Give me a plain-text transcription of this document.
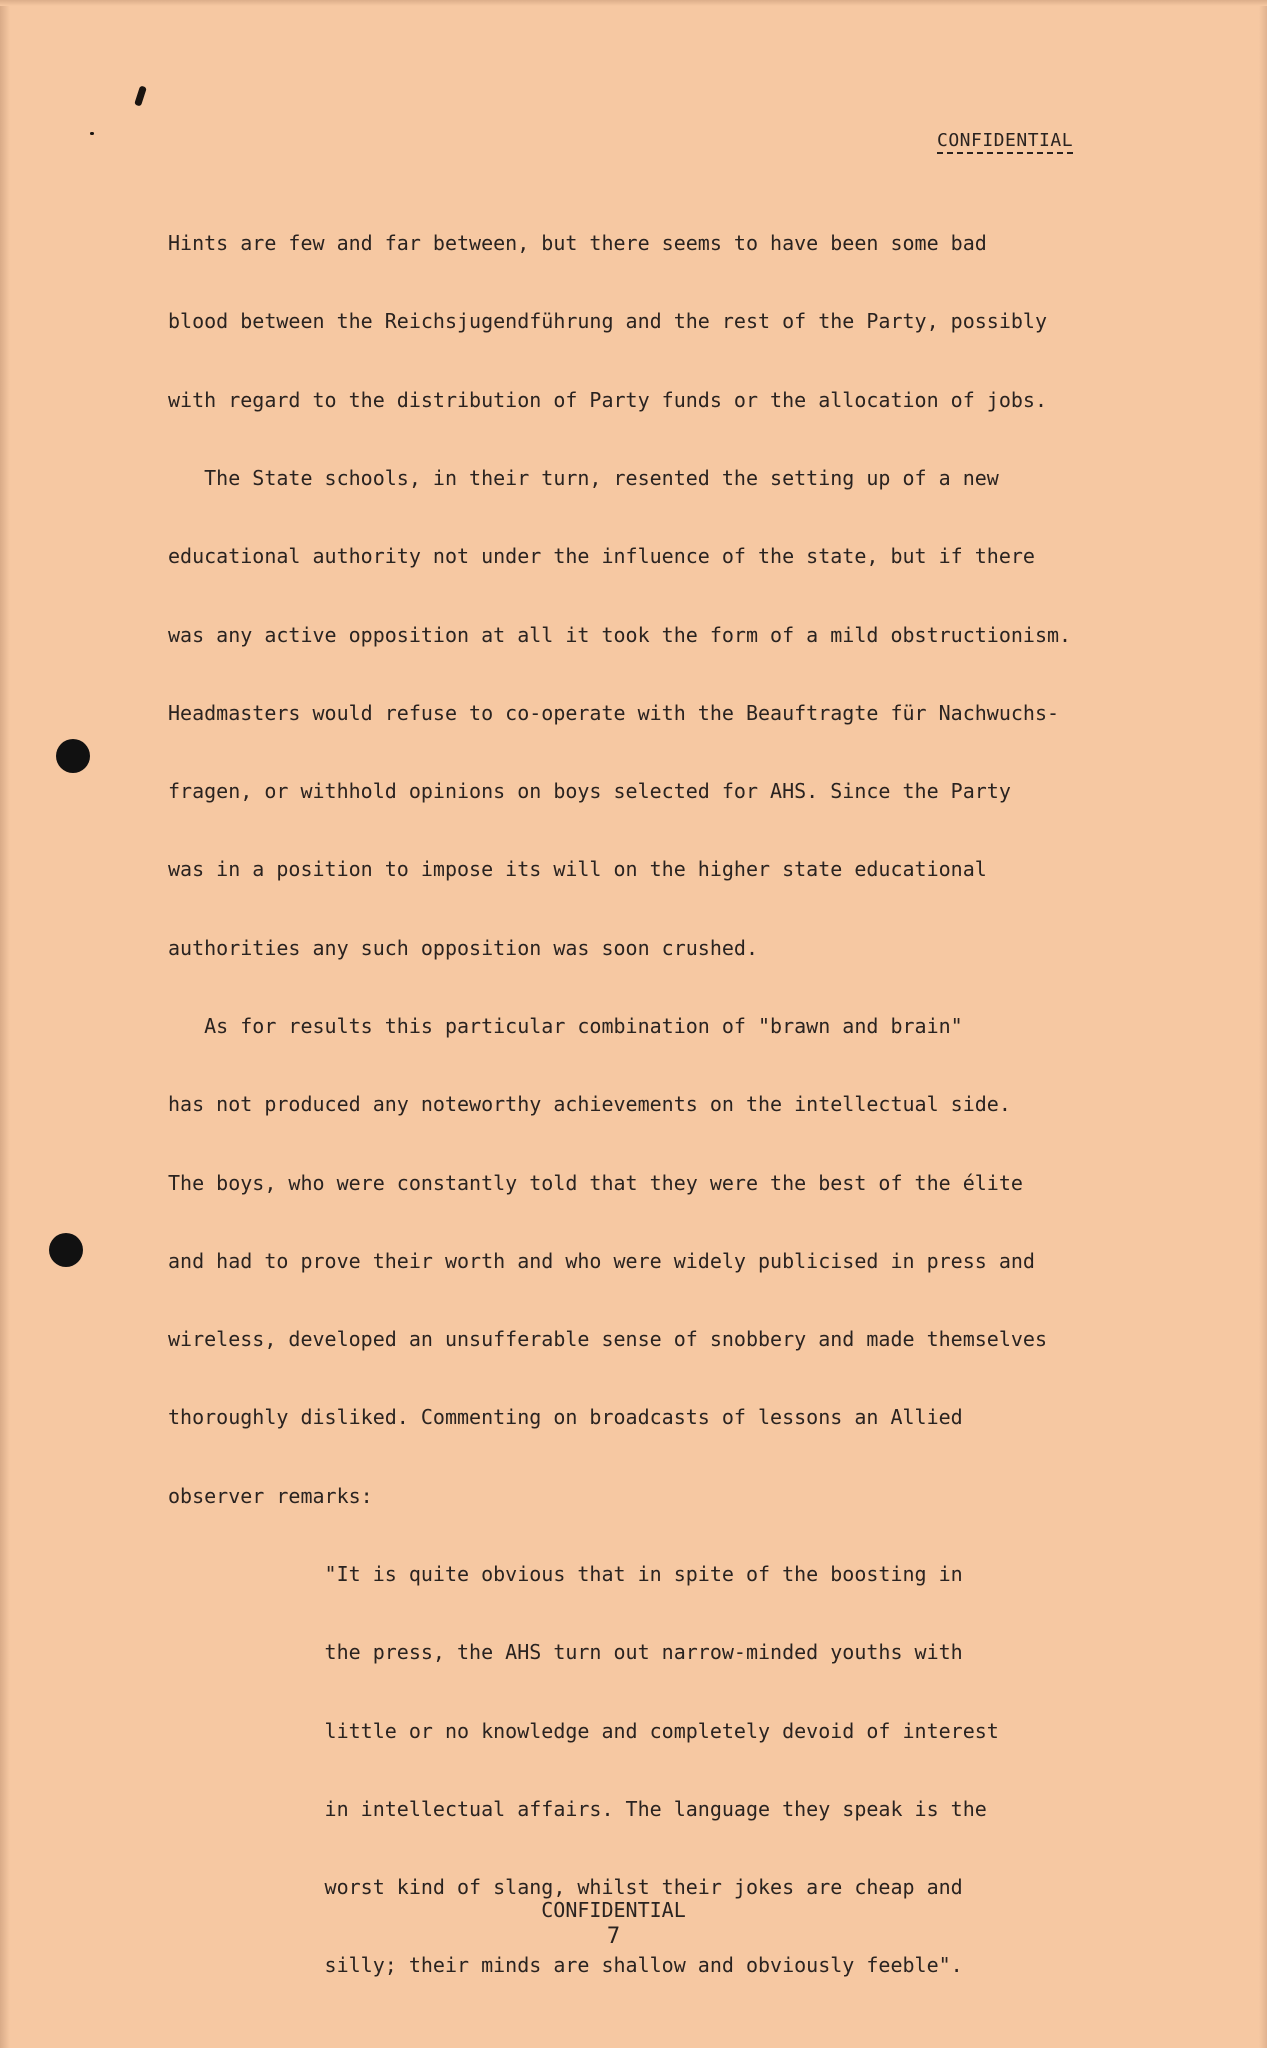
CONFIDENTIAL

Hints are few and far between, but there seems to have been some bad

blood between the Reichsjugendführung and the rest of the Party, possibly

with regard to the distribution of Party funds or the allocation of jobs.

The State schools, in their turn, resented the setting up of a new

educational authority not under the influence of the state, but if there

was any active opposition at all it took the form of a mild obstructionism.

Headmasters would refuse to co-operate with the Beauftragte für Nachwuchs-

fragen, or withhold opinions on boys selected for AHS. Since the Party

was in a position to impose its will on the higher state educational

authorities any such opposition was soon crushed.

As for results this particular combination of "brawn and brain"

has not produced any noteworthy achievements on the intellectual side.

The boys, who were constantly told that they were the best of the élite

and had to prove their worth and who were widely publicised in press and

wireless, developed an unsufferable sense of snobbery and made themselves

thoroughly disliked. Commenting on broadcasts of lessons an Allied

observer remarks:

"It is quite obvious that in spite of the boosting in

the press, the AHS turn out narrow-minded youths with

little or no knowledge and completely devoid of interest

in intellectual affairs. The language they speak is the

worst kind of slang, whilst their jokes are cheap and

silly; their minds are shallow and obviously feeble".

CONFIDENTIAL
7
